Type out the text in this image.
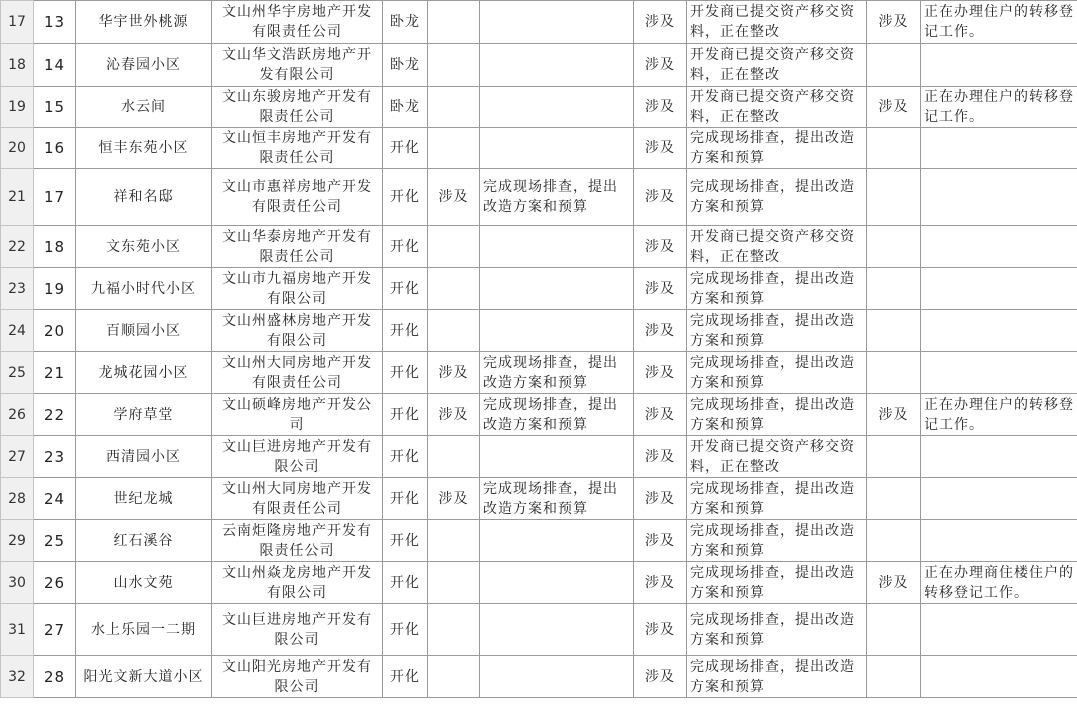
17	13	华宇世外桃源	文山州华宇房地产开发有限责任公司	卧龙			涉及	开发商已提交资产移交资料，正在整改	涉及	正在办理住户的转移登记工作。
18	14	沁春园小区	文山华文浩跃房地产开发有限公司	卧龙			涉及	开发商已提交资产移交资料，正在整改		
19	15	水云间	文山东骏房地产开发有限责任公司	卧龙			涉及	开发商已提交资产移交资料，正在整改	涉及	正在办理住户的转移登记工作。
20	16	恒丰东苑小区	文山恒丰房地产开发有限责任公司	开化			涉及	完成现场排查，提出改造方案和预算		
21	17	祥和名邸	文山市惠祥房地产开发有限责任公司	开化	涉及	完成现场排查，提出改造方案和预算	涉及	完成现场排查，提出改造方案和预算		
22	18	文东苑小区	文山华泰房地产开发有限责任公司	开化			涉及	开发商已提交资产移交资料，正在整改		
23	19	九福小时代小区	文山市九福房地产开发有限公司	开化			涉及	完成现场排查，提出改造方案和预算		
24	20	百顺园小区	文山州盛林房地产开发有限公司	开化			涉及	完成现场排查，提出改造方案和预算		
25	21	龙城花园小区	文山州大同房地产开发有限责任公司	开化	涉及	完成现场排查，提出改造方案和预算	涉及	完成现场排查，提出改造方案和预算		
26	22	学府草堂	文山硕峰房地产开发公司	开化	涉及	完成现场排查，提出改造方案和预算	涉及	完成现场排查，提出改造方案和预算	涉及	正在办理住户的转移登记工作。
27	23	西清园小区	文山巨进房地产开发有限公司	开化			涉及	开发商已提交资产移交资料，正在整改		
28	24	世纪龙城	文山州大同房地产开发有限责任公司	开化	涉及	完成现场排查，提出改造方案和预算	涉及	完成现场排查，提出改造方案和预算		
29	25	红石溪谷	云南炬隆房地产开发有限责任公司	开化			涉及	完成现场排查，提出改造方案和预算		
30	26	山水文苑	文山州焱龙房地产开发有限公司	开化			涉及	完成现场排查，提出改造方案和预算	涉及	正在办理商住楼住户的转移登记工作。
31	27	水上乐园一二期	文山巨进房地产开发有限公司	开化			涉及	完成现场排查，提出改造方案和预算		
32	28	阳光文新大道小区	文山阳光房地产开发有限公司	开化			涉及	完成现场排查，提出改造方案和预算		
